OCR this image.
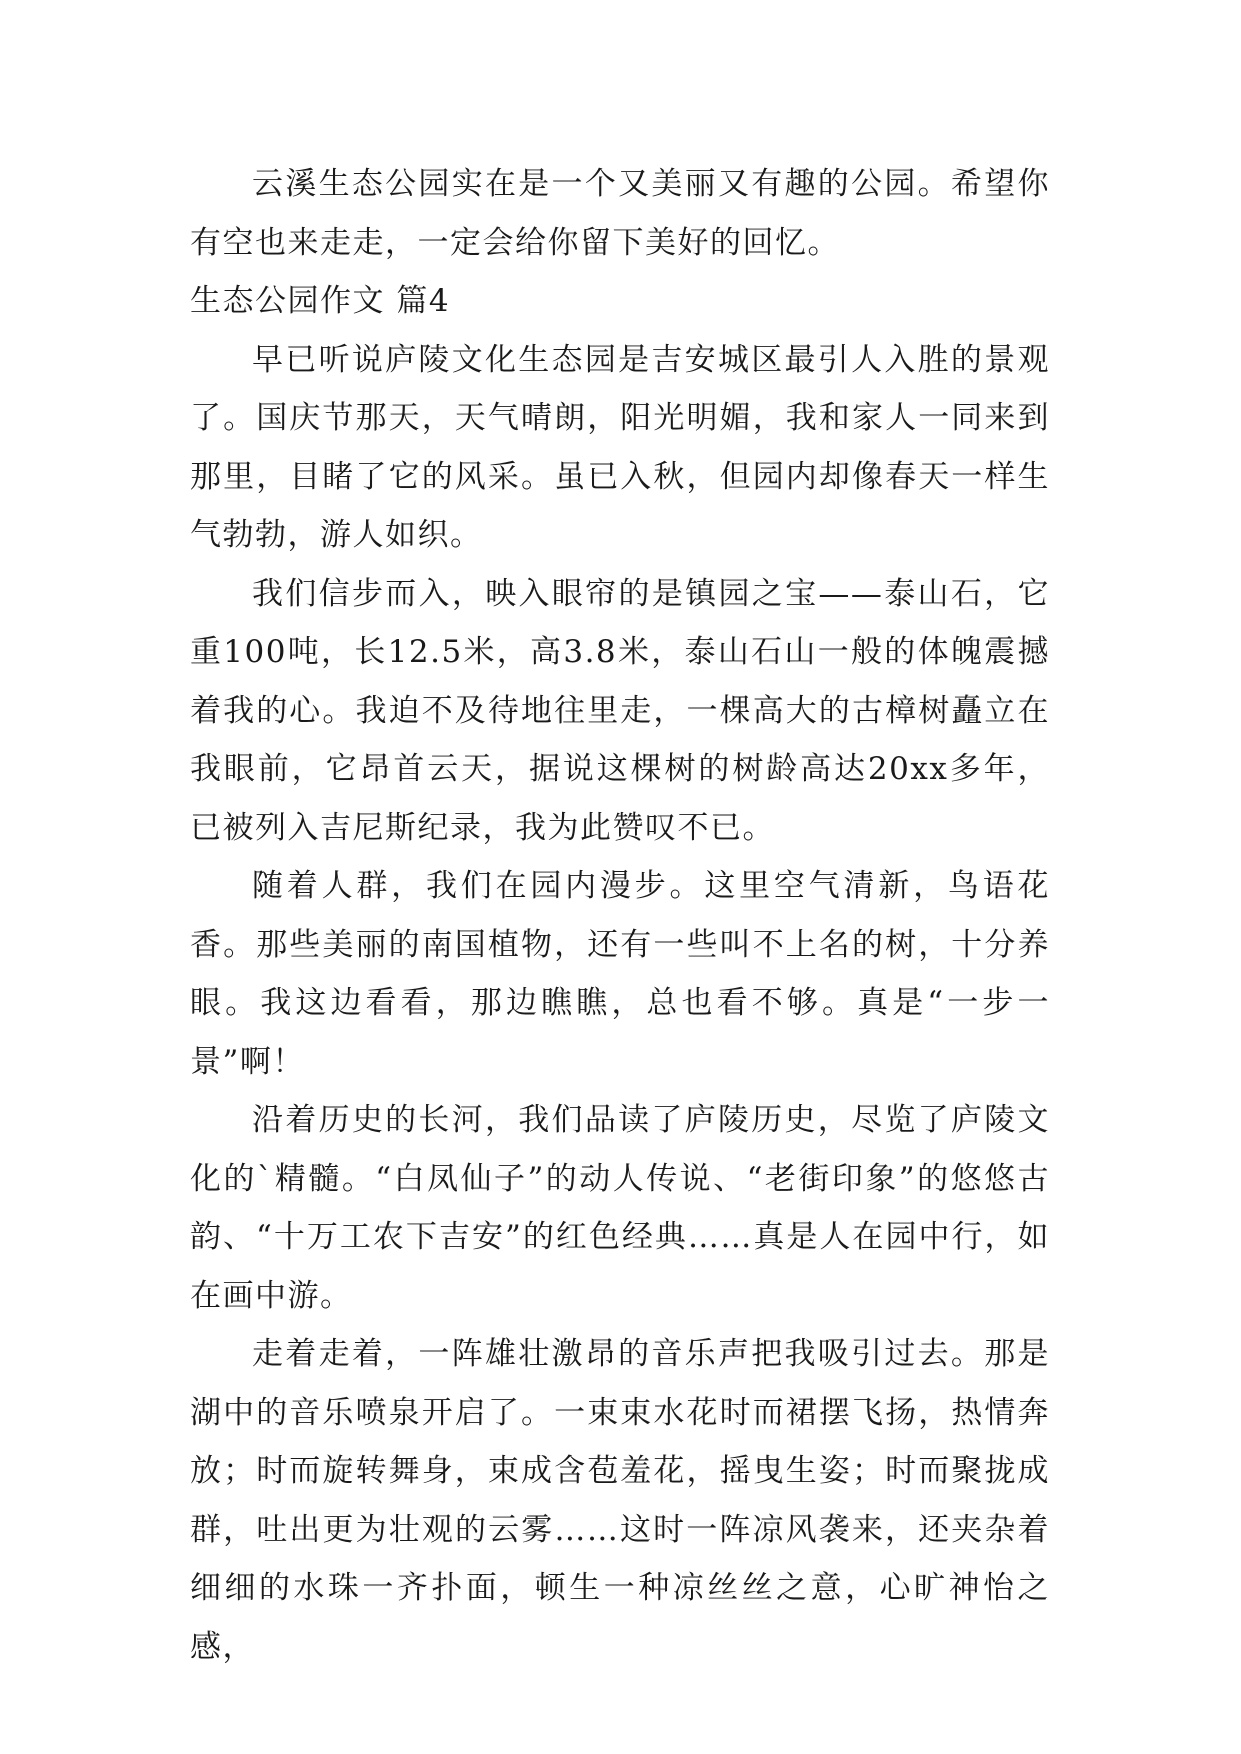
云溪生态公园实在是一个又美丽又有趣的公园。希望你有空也来走走，一定会给你留下美好的回忆。

生态公园作文 篇4

早已听说庐陵文化生态园是吉安城区最引人入胜的景观了。国庆节那天，天气晴朗，阳光明媚，我和家人一同来到那里，目睹了它的风采。虽已入秋，但园内却像春天一样生气勃勃，游人如织。

我们信步而入，映入眼帘的是镇园之宝——泰山石，它重100吨，长12.5米，高3.8米，泰山石山一般的体魄震撼着我的心。我迫不及待地往里走，一棵高大的古樟树矗立在我眼前，它昂首云天，据说这棵树的树龄高达20xx多年，已被列入吉尼斯纪录，我为此赞叹不已。

随着人群，我们在园内漫步。这里空气清新，鸟语花香。那些美丽的南国植物，还有一些叫不上名的树，十分养眼。我这边看看，那边瞧瞧，总也看不够。真是“一步一景”啊！

沿着历史的长河，我们品读了庐陵历史，尽览了庐陵文化的`精髓。“白凤仙子”的动人传说、“老街印象”的悠悠古韵、“十万工农下吉安”的红色经典……真是人在园中行，如在画中游。

走着走着，一阵雄壮激昂的音乐声把我吸引过去。那是湖中的音乐喷泉开启了。一束束水花时而裙摆飞扬，热情奔放；时而旋转舞身，束成含苞羞花，摇曳生姿；时而聚拢成群，吐出更为壮观的云雾……这时一阵凉风袭来，还夹杂着细细的水珠一齐扑面，顿生一种凉丝丝之意，心旷神怡之感，
